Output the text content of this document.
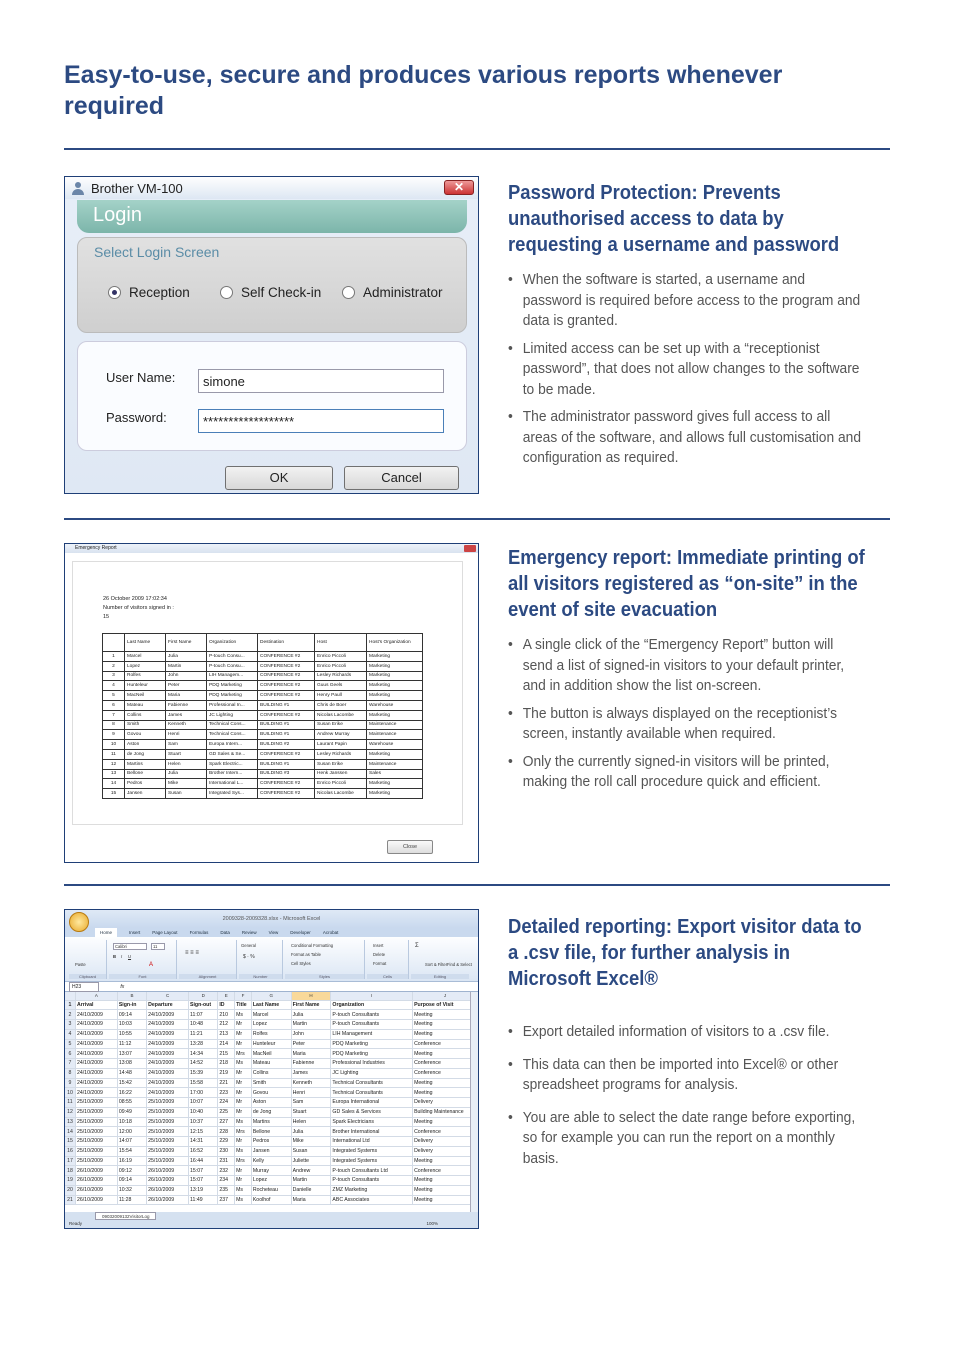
Easy-to-use, secure and produces various reports whenever required
Brother VM-100	✕
Login
Select Login Screen
Reception	Self Check-in	Administrator
User Name:
simone
Password:
******************
OK	Cancel
Password Protection: Prevents unauthorised access to data by requesting a username and password
• When the software is started, a username and password is required before access to the program and data is granted.
• Limited access can be set up with a “receptionist password”, that does not allow changes to the software to be made.
• The administrator password gives full access to all areas of the software, and allows full customisation and configuration as required.
Emergency Report
26 October 2009 17:02:34
Number of visitors signed in :
15
	Last Name	First Name	Organization	Destination	Host	Host's Organization
1	Marcel	Julia	P-touch Consu...	CONFERENCE #2	Enrico Piccoli	Marketing
2	Lopez	Martin	P-touch Consu...	CONFERENCE #2	Enrico Piccoli	Marketing
3	Rolfes	John	LIH Managem...	CONFERENCE #2	Lesley Richards	Marketing
4	Hunteleur	Peter	PDQ Marketing	CONFERENCE #2	Guus Geels	Marketing
5	MacNeil	Maria	PDQ Marketing	CONFERENCE #2	Henry Paull	Marketing
6	Mateau	Fabienne	Professional In...	BUILDING #1	Chris de Boer	Warehouse
7	Collins	James	JC Lighting	CONFERENCE #2	Nicolas Lacombe	Marketing
8	Smith	Kenneth	Technical Cons...	BUILDING #1	Susan Erike	Maintenance
9	Govou	Henri	Technical Cons...	BUILDING #1	Andrew Murray	Maintenance
10	Aston	Sam	Europa Intern...	BUILDING #2	Laurant Papin	Warehouse
11	de Jong	Stuart	GD Sales & Se...	CONFERENCE #2	Lesley Richards	Marketing
12	Martins	Helen	Spark Electric...	BUILDING #1	Susan Erike	Maintenance
13	Bellone	Julia	Brother Intern...	BUILDING #3	Henk Janssen	Sales
14	Pedros	Mike	International L...	CONFERENCE #2	Enrico Piccoli	Marketing
15	Jansen	Susan	Integrated Sys...	CONFERENCE #2	Nicolas Lacombe	Marketing
Close
Emergency report: Immediate printing of all visitors registered as “on-site” in the event of site evacuation
• A single click of the “Emergency Report” button will send a list of signed-in visitors to your default printer, and in addition show the list on-screen.
• The button is always displayed on the receptionist’s screen, instantly available when required.
• Only the currently signed-in visitors will be printed, making the roll call procedure quick and efficient.
2009328-2009328.xlsx - Microsoft Excel
Home	Insert	Page Layout	Formulas	Data	Review	View	Developer	Acrobat
Paste
Clipboard
Calibri	11
B I U
A
Font
≡ ≡ ≡
Alignment
General
$ · %
Number
Conditional Formatting
Format as Table
Cell Styles
Styles
Insert
Delete
Format
Cells
Σ
Sort & Filter Find & Select
Editing
H23	fx
	A	B	C	D	E	F	G	H	I	J
1	Arrival	Sign-in	Departure	Sign-out	ID	Title	Last Name	First Name	Organization	Purpose of Visit
2	24/10/2009	09:14	24/10/2009	11:07	210	Ms	Marcel	Julia	P-touch Consultants	Meeting
3	24/10/2009	10:03	24/10/2009	10:48	212	Mr	Lopez	Martin	P-touch Consultants	Meeting
4	24/10/2009	10:55	24/10/2009	11:21	213	Mr	Rolfes	John	LIH Management	Meeting
5	24/10/2009	11:12	24/10/2009	13:28	214	Mr	Hunteleur	Peter	PDQ Marketing	Conference
6	24/10/2009	13:07	24/10/2009	14:34	215	Mrs	MacNeil	Maria	PDQ Marketing	Meeting
7	24/10/2009	13:08	24/10/2009	14:52	218	Ms	Mateau	Fabienne	Professional Industries	Conference
8	24/10/2009	14:48	24/10/2009	15:39	219	Mr	Collins	James	JC Lighting	Conference
9	24/10/2009	15:42	24/10/2009	15:58	221	Mr	Smith	Kenneth	Technical Consultants	Meeting
10	24/10/2009	16:22	24/10/2009	17:00	223	Mr	Govou	Henri	Technical Consultants	Meeting
11	25/10/2009	08:55	25/10/2009	10:07	224	Mr	Aston	Sam	Europa International	Delivery
12	25/10/2009	09:49	25/10/2009	10:40	225	Mr	de Jong	Stuart	GD Sales & Services	Building Maintenance
13	25/10/2009	10:18	25/10/2009	10:37	227	Ms	Martins	Helen	Spark Electricians	Meeting
14	25/10/2009	12:00	25/10/2009	12:15	228	Mrs	Bellone	Julia	Brother International	Conference
15	25/10/2009	14:07	25/10/2009	14:31	229	Mr	Pedros	Mike	International Ltd	Delivery
16	25/10/2009	15:54	25/10/2009	16:52	230	Ms	Jansen	Susan	Integrated Systems	Delivery
17	25/10/2009	16:19	25/10/2009	16:44	231	Mrs	Kelly	Juliette	Integrated Systems	Meeting
18	26/10/2009	09:12	26/10/2009	15:07	232	Mr	Murray	Andrew	P-touch Consultants Ltd	Conference
19	26/10/2009	09:14	26/10/2009	15:07	234	Mr	Lopez	Martin	P-touch Consultants	Meeting
20	26/10/2009	10:32	26/10/2009	13:19	235	Ms	Rocheteau	Danielle	ZMZ Marketing	Meeting
21	26/10/2009	11:28	26/10/2009	11:49	237	Ms	Koolhof	Maria	ABC Associates	Meeting
09032009132VisitorLog
Ready	100%
Detailed reporting: Export visitor data to a .csv file, for further analysis in Microsoft Excel®
• Export detailed information of visitors to a .csv file.
• This data can then be imported into Excel® or other spreadsheet programs for analysis.
• You are able to select the date range before exporting, so for example you can run the report on a monthly basis.
